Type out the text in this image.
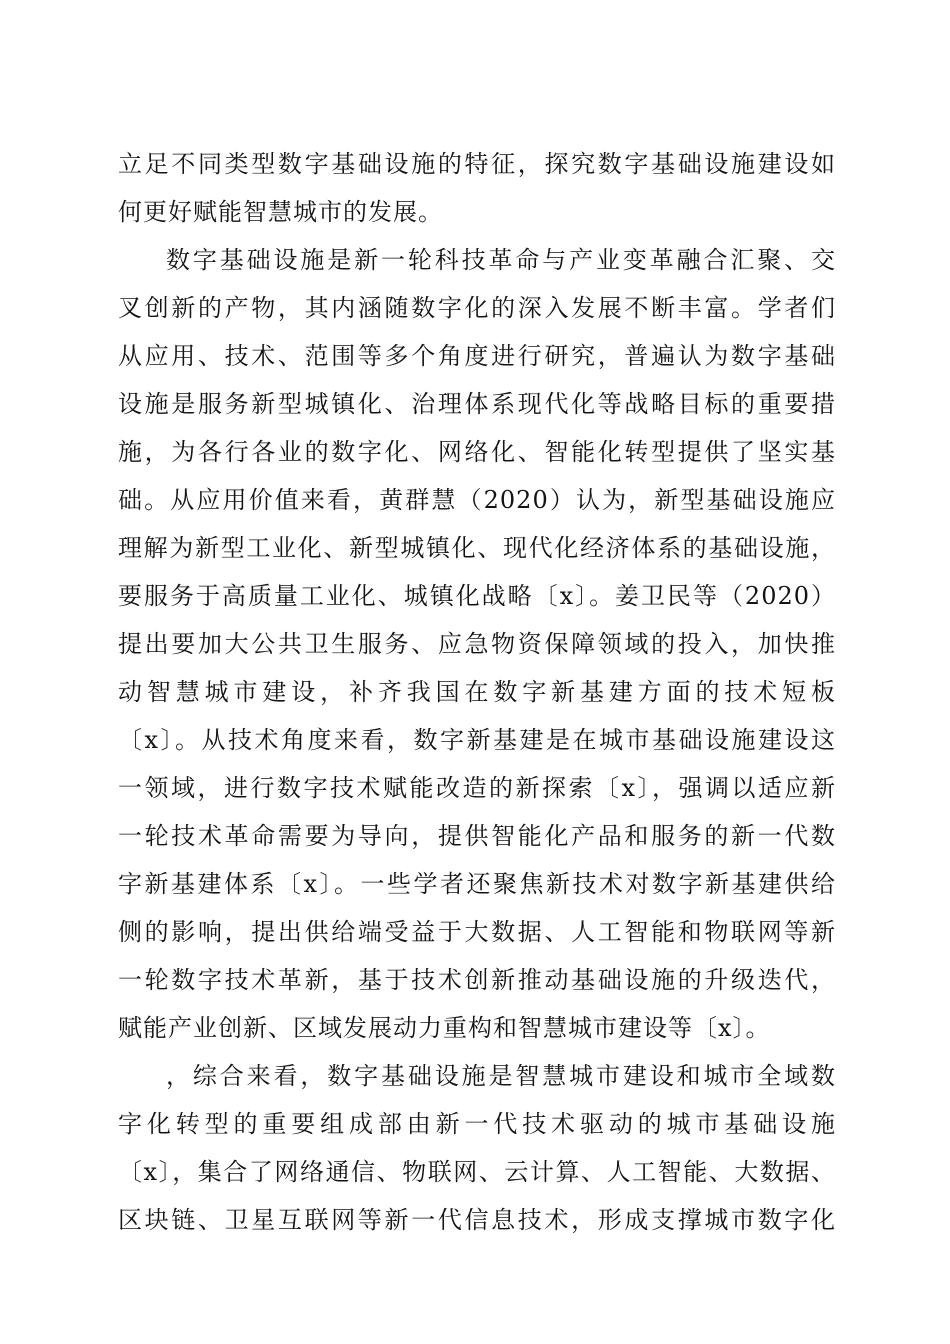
立足不同类型数字基础设施的特征，探究数字基础设施建设如
何更好赋能智慧城市的发展。
数字基础设施是新一轮科技革命与产业变革融合汇聚、交
叉创新的产物，其内涵随数字化的深入发展不断丰富。学者们
从应用、技术、范围等多个角度进行研究，普遍认为数字基础
设施是服务新型城镇化、治理体系现代化等战略目标的重要措
施，为各行各业的数字化、网络化、智能化转型提供了坚实基
础。从应用价值来看，黄群慧（2020）认为，新型基础设施应
理解为新型工业化、新型城镇化、现代化经济体系的基础设施，
要服务于高质量工业化、城镇化战略〔x〕。姜卫民等（2020）
提出要加大公共卫生服务、应急物资保障领域的投入，加快推
动智慧城市建设，补齐我国在数字新基建方面的技术短板
〔x〕。从技术角度来看，数字新基建是在城市基础设施建设这
一领域，进行数字技术赋能改造的新探索〔x〕，强调以适应新
一轮技术革命需要为导向，提供智能化产品和服务的新一代数
字新基建体系〔x〕。一些学者还聚焦新技术对数字新基建供给
侧的影响，提出供给端受益于大数据、人工智能和物联网等新
一轮数字技术革新，基于技术创新推动基础设施的升级迭代，
赋能产业创新、区域发展动力重构和智慧城市建设等〔x〕。
，综合来看，数字基础设施是智慧城市建设和城市全域数
字化转型的重要组成部由新一代技术驱动的城市基础设施
〔x〕，集合了网络通信、物联网、云计算、人工智能、大数据、
区块链、卫星互联网等新一代信息技术，形成支撑城市数字化
